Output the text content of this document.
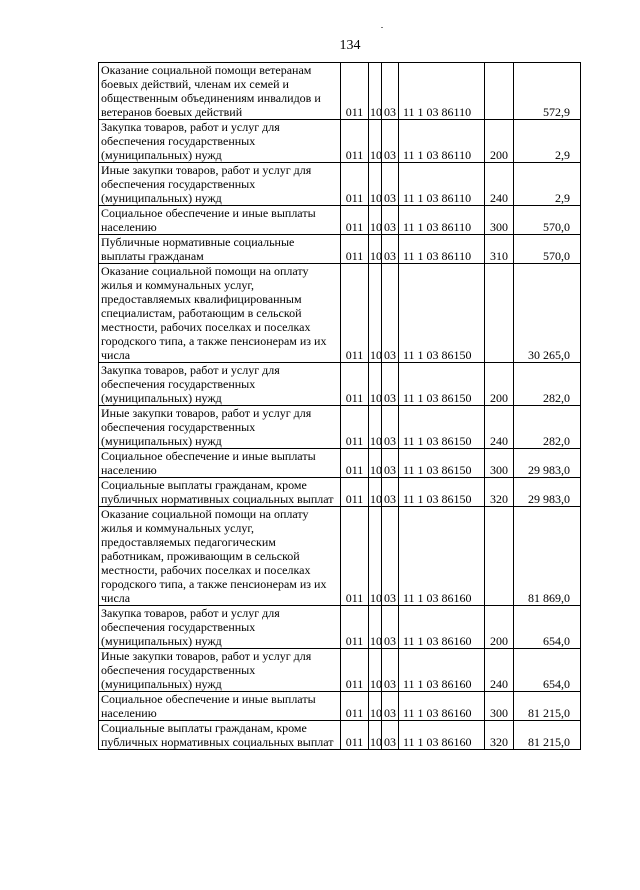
134
Оказание социальной помощи ветеранам боевых действий, членам их семей и общественным объединениям инвалидов и ветеранов боевых действий	011	10	03	11 1 03 86110		572,9
Закупка товаров, работ и услуг для обеспечения государственных (муниципальных) нужд	011	10	03	11 1 03 86110	200	2,9
Иные закупки товаров, работ и услуг для обеспечения государственных (муниципальных) нужд	011	10	03	11 1 03 86110	240	2,9
Социальное обеспечение и иные выплаты населению	011	10	03	11 1 03 86110	300	570,0
Публичные нормативные социальные выплаты гражданам	011	10	03	11 1 03 86110	310	570,0
Оказание социальной помощи на оплату жилья и коммунальных услуг, предоставляемых квалифицированным специалистам, работающим в сельской местности, рабочих поселках и поселках городского типа, а также пенсионерам из их числа	011	10	03	11 1 03 86150		30 265,0
Закупка товаров, работ и услуг для обеспечения государственных (муниципальных) нужд	011	10	03	11 1 03 86150	200	282,0
Иные закупки товаров, работ и услуг для обеспечения государственных (муниципальных) нужд	011	10	03	11 1 03 86150	240	282,0
Социальное обеспечение и иные выплаты населению	011	10	03	11 1 03 86150	300	29 983,0
Социальные выплаты гражданам, кроме публичных нормативных социальных выплат	011	10	03	11 1 03 86150	320	29 983,0
Оказание социальной помощи на оплату жилья и коммунальных услуг, предоставляемых педагогическим работникам, проживающим в сельской местности, рабочих поселках и поселках городского типа, а также пенсионерам из их числа	011	10	03	11 1 03 86160		81 869,0
Закупка товаров, работ и услуг для обеспечения государственных (муниципальных) нужд	011	10	03	11 1 03 86160	200	654,0
Иные закупки товаров, работ и услуг для обеспечения государственных (муниципальных) нужд	011	10	03	11 1 03 86160	240	654,0
Социальное обеспечение и иные выплаты населению	011	10	03	11 1 03 86160	300	81 215,0
Социальные выплаты гражданам, кроме публичных нормативных социальных выплат	011	10	03	11 1 03 86160	320	81 215,0
